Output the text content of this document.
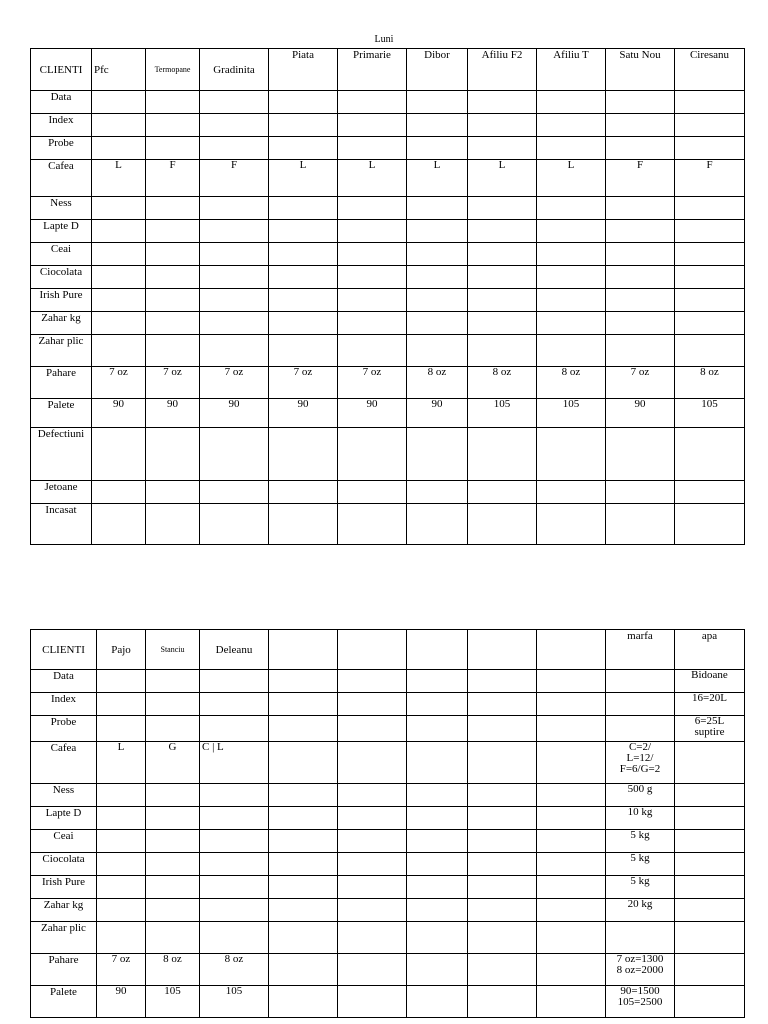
Luni
CLIENTI	Pfc	Termopane	Gradinita	Piata	Primarie	Dibor	Afiliu F2	Afiliu T	Satu Nou	Ciresanu
Data										
Index										
Probe										
Cafea	L	F	F	L	L	L	L	L	F	F
Ness										
Lapte D										
Ceai										
Ciocolata										
Irish Pure										
Zahar kg										
Zahar plic										
Pahare	7 oz	7 oz	7 oz	7 oz	7 oz	8 oz	8 oz	8 oz	7 oz	8 oz
Palete	90	90	90	90	90	90	105	105	90	105
Defectiuni										
Jetoane										
Incasat										
CLIENTI	Pajo	Stanciu	Deleanu						marfa	apa
Data										Bidoane
Index										16=20L
Probe										6=25L
suptire
Cafea	L	G	C | L						C=2/
L=12/
F=6/G=2	
Ness									500 g	
Lapte D									10 kg	
Ceai									5 kg	
Ciocolata									5 kg	
Irish Pure									5 kg	
Zahar kg									20 kg	
Zahar plic										
Pahare	7 oz	8 oz	8 oz						7 oz=1300
8 oz=2000	
Palete	90	105	105						90=1500
105=2500	
